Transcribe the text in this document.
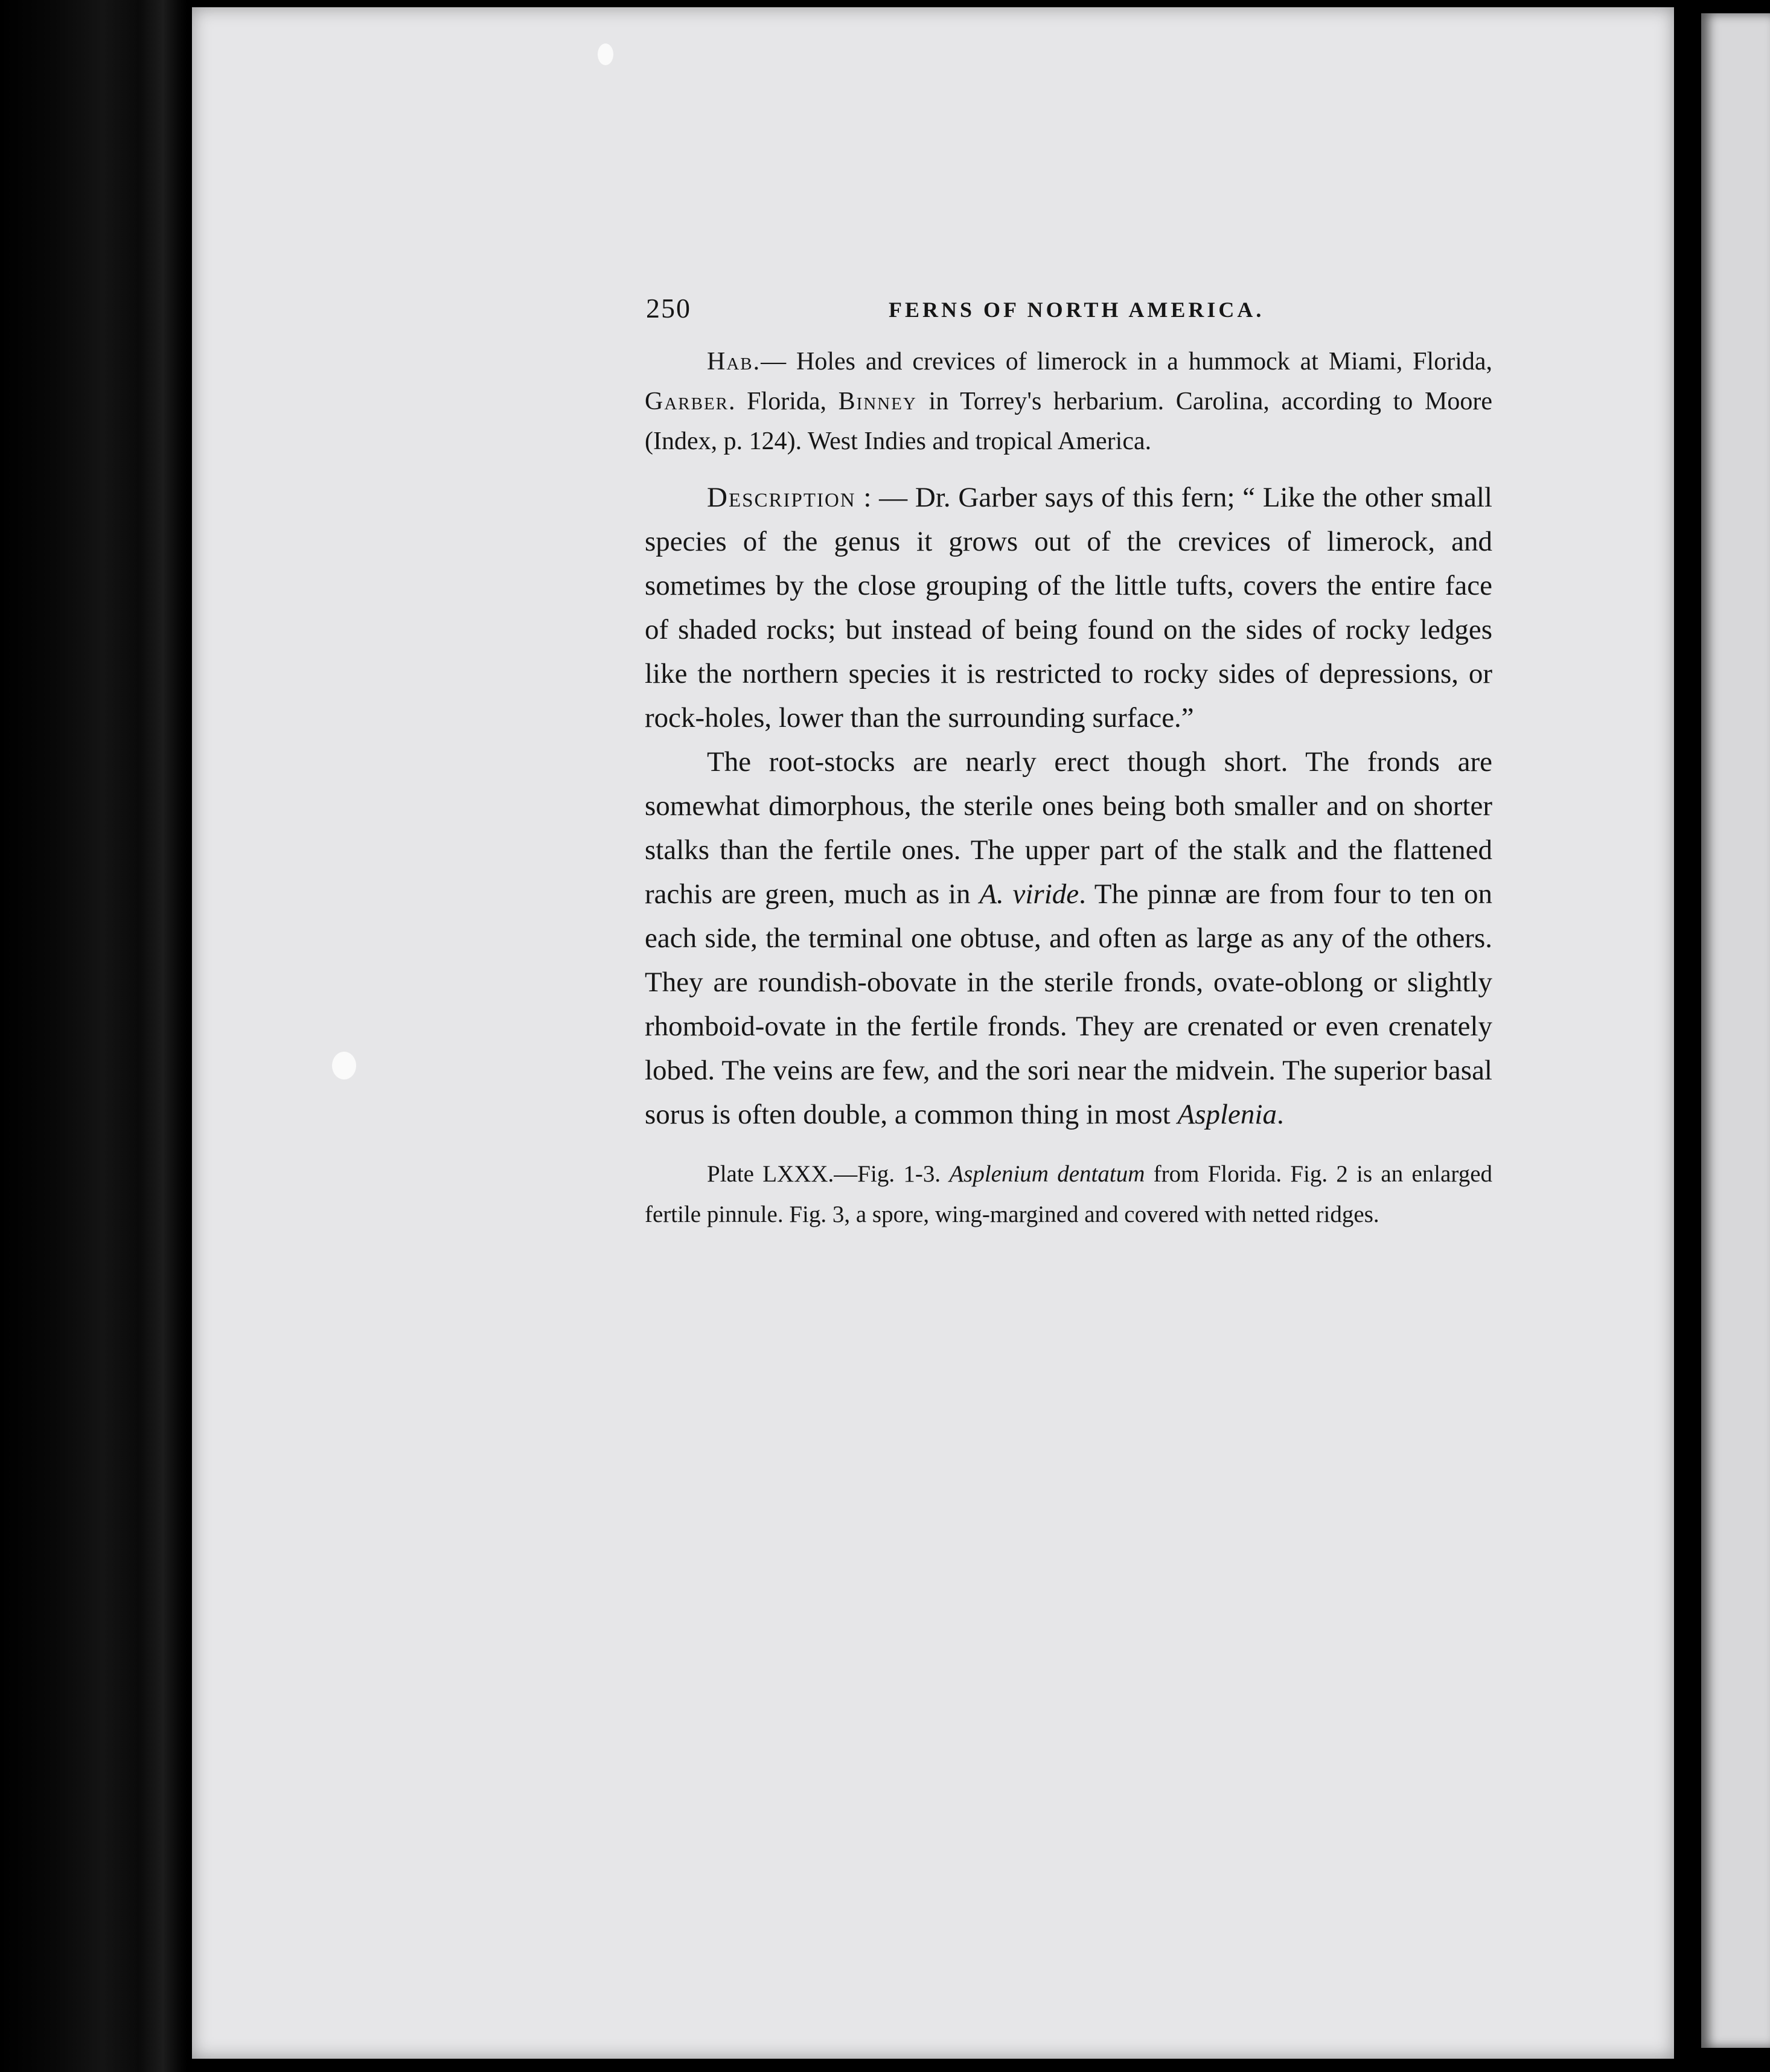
250	FERNS OF NORTH AMERICA.

Hab.— Holes and crevices of limerock in a hummock at Miami, Florida, Garber. Florida, Binney in Torrey's herbarium. Carolina, according to Moore (Index, p. 124). West Indies and tropical America.

Description : — Dr. Garber says of this fern; “ Like the other small species of the genus it grows out of the crevices of limerock, and sometimes by the close grouping of the little tufts, covers the entire face of shaded rocks; but instead of being found on the sides of rocky ledges like the northern species it is restricted to rocky sides of depressions, or rock-holes, lower than the surrounding surface.”

The root-stocks are nearly erect though short. The fronds are somewhat dimorphous, the sterile ones being both smaller and on shorter stalks than the fertile ones. The upper part of the stalk and the flattened rachis are green, much as in A. viride. The pinnæ are from four to ten on each side, the terminal one obtuse, and often as large as any of the others. They are roundish-obovate in the sterile fronds, ovate-oblong or slightly rhomboid-ovate in the fertile fronds. They are crenated or even crenately lobed. The veins are few, and the sori near the midvein. The superior basal sorus is often double, a common thing in most Asplenia.

Plate LXXX.—Fig. 1-3. Asplenium dentatum from Florida. Fig. 2 is an enlarged fertile pinnule. Fig. 3, a spore, wing-margined and covered with netted ridges.
